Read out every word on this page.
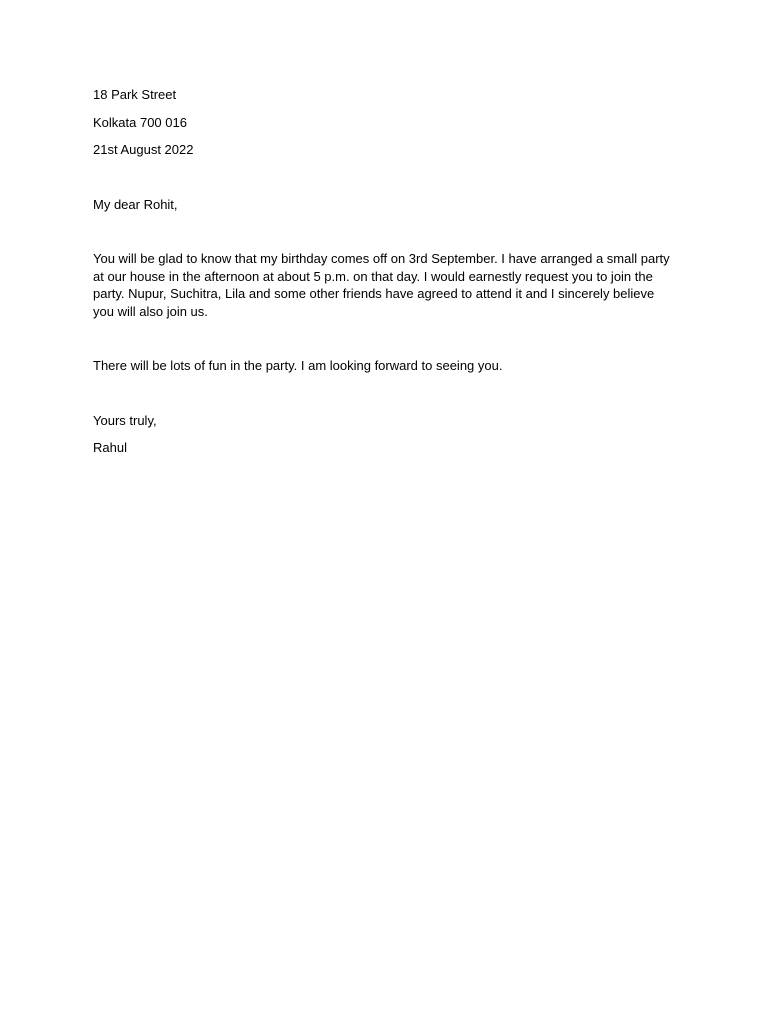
18 Park Street
Kolkata 700 016
21st August 2022
My dear Rohit,
You will be glad to know that my birthday comes off on 3rd September. I have arranged a small party
at our house in the afternoon at about 5 p.m. on that day. I would earnestly request you to join the
party. Nupur, Suchitra, Lila and some other friends have agreed to attend it and I sincerely believe
you will also join us.
There will be lots of fun in the party. I am looking forward to seeing you.
Yours truly,
Rahul
